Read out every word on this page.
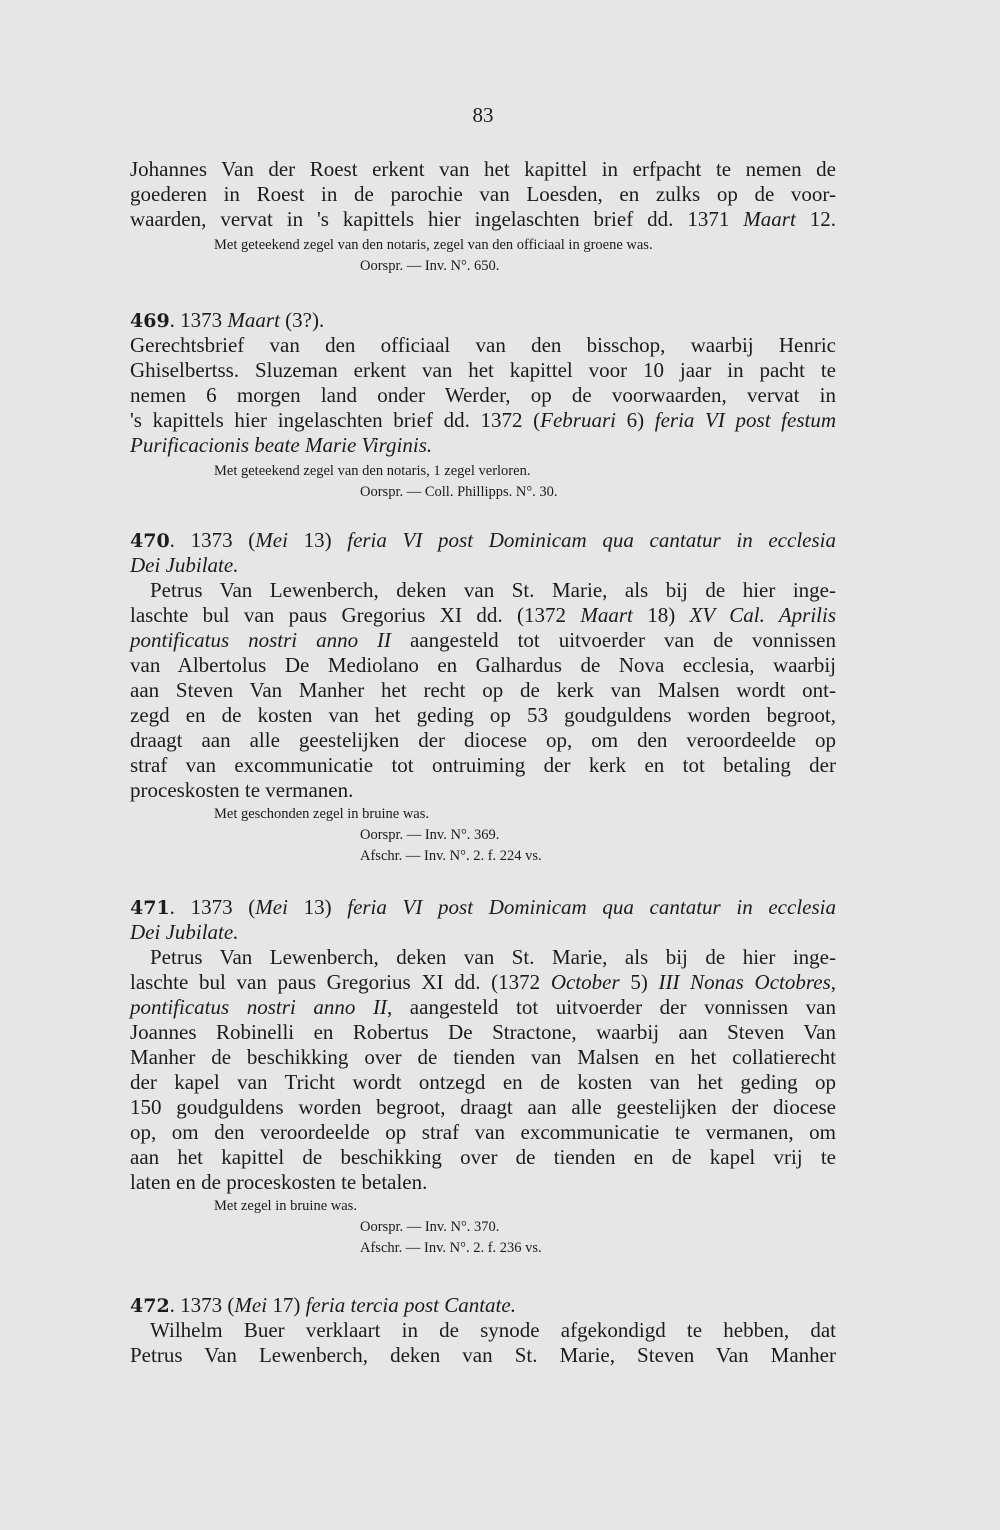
83
Johannes Van der Roest erkent van het kapittel in erfpacht te nemen de
goederen in Roest in de parochie van Loesden, en zulks op de voor-
waarden, vervat in 's kapittels hier ingelaschten brief dd. 1371 Maart 12.
Met geteekend zegel van den notaris, zegel van den officiaal in groene was.
Oorspr. — Inv. N°. 650.
469. 1373 Maart (3?).
Gerechtsbrief van den officiaal van den bisschop, waarbij Henric
Ghiselbertss. Sluzeman erkent van het kapittel voor 10 jaar in pacht te
nemen 6 morgen land onder Werder, op de voorwaarden, vervat in
's kapittels hier ingelaschten brief dd. 1372 (Februari 6) feria VI post festum
Purificacionis beate Marie Virginis.
Met geteekend zegel van den notaris, 1 zegel verloren.
Oorspr. — Coll. Phillipps. N°. 30.
470. 1373 (Mei 13) feria VI post Dominicam qua cantatur in ecclesia
Dei Jubilate.
Petrus Van Lewenberch, deken van St. Marie, als bij de hier inge-
laschte bul van paus Gregorius XI dd. (1372 Maart 18) XV Cal. Aprilis
pontificatus nostri anno II aangesteld tot uitvoerder van de vonnissen
van Albertolus De Mediolano en Galhardus de Nova ecclesia, waarbij
aan Steven Van Manher het recht op de kerk van Malsen wordt ont-
zegd en de kosten van het geding op 53 goudguldens worden begroot,
draagt aan alle geestelijken der diocese op, om den veroordeelde op
straf van excommunicatie tot ontruiming der kerk en tot betaling der
proceskosten te vermanen.
Met geschonden zegel in bruine was.
Oorspr. — Inv. N°. 369.
Afschr. — Inv. N°. 2. f. 224 vs.
471. 1373 (Mei 13) feria VI post Dominicam qua cantatur in ecclesia
Dei Jubilate.
Petrus Van Lewenberch, deken van St. Marie, als bij de hier inge-
laschte bul van paus Gregorius XI dd. (1372 October 5) III Nonas Octobres,
pontificatus nostri anno II, aangesteld tot uitvoerder der vonnissen van
Joannes Robinelli en Robertus De Stractone, waarbij aan Steven Van
Manher de beschikking over de tienden van Malsen en het collatierecht
der kapel van Tricht wordt ontzegd en de kosten van het geding op
150 goudguldens worden begroot, draagt aan alle geestelijken der diocese
op, om den veroordeelde op straf van excommunicatie te vermanen, om
aan het kapittel de beschikking over de tienden en de kapel vrij te
laten en de proceskosten te betalen.
Met zegel in bruine was.
Oorspr. — Inv. N°. 370.
Afschr. — Inv. N°. 2. f. 236 vs.
472. 1373 (Mei 17) feria tercia post Cantate.
Wilhelm Buer verklaart in de synode afgekondigd te hebben, dat
Petrus Van Lewenberch, deken van St. Marie, Steven Van Manher
